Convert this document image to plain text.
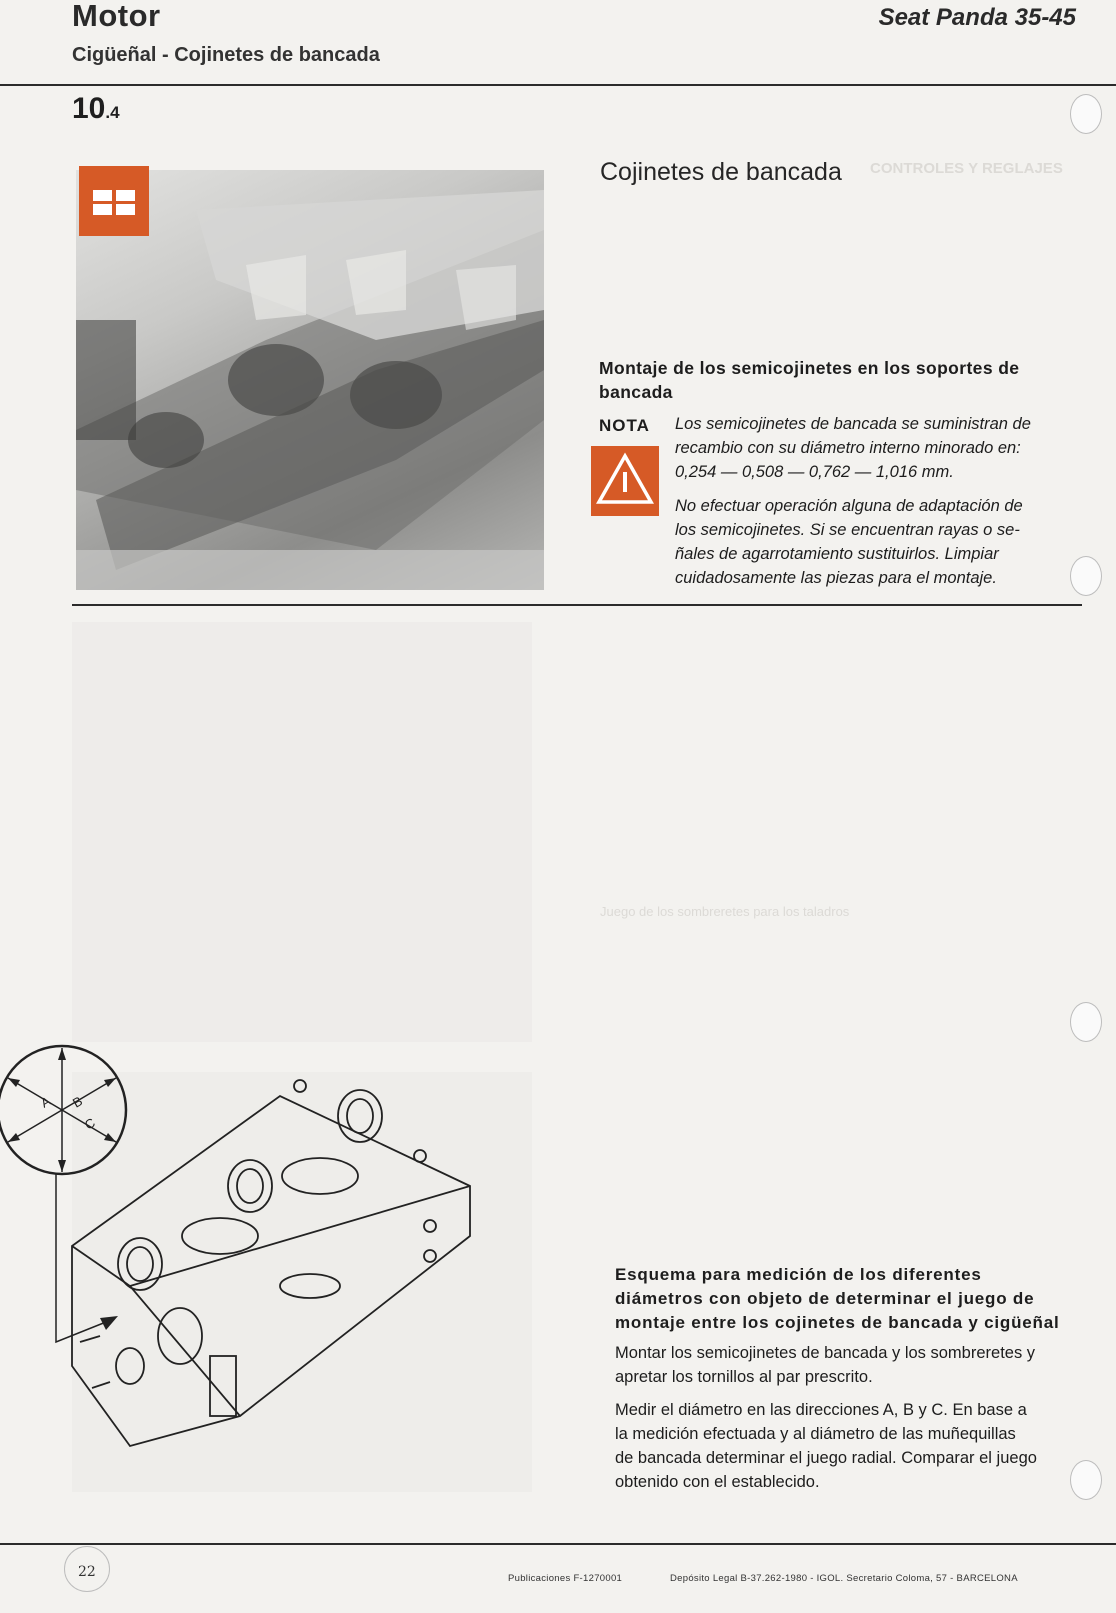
Motor
Cigüeñal - Cojinetes de bancada
Seat Panda 35-45
10.4
CONTROLES Y REGLAJES
Cojinetes de bancada
Montaje de los semicojinetes en los soportes de bancada
NOTA Los semicojinetes de bancada se suministran de
recambio con su diámetro interno minorado en:
0,254 — 0,508 — 0,762 — 1,016 mm.
No efectuar operación alguna de adaptación de
los semicojinetes. Si se encuentran rayas o se-
ñales de agarrotamiento sustituirlos. Limpiar
cuidadosamente las piezas para el montaje.
A B
C
Juego de los sombreretes para los taladros
Esquema para medición de los diferentes
diámetros con objeto de determinar el juego de
montaje entre los cojinetes de bancada y cigüeñal
Montar los semicojinetes de bancada y los sombreretes y
apretar los tornillos al par prescrito.
Medir el diámetro en las direcciones A, B y C. En base a
la medición efectuada y al diámetro de las muñequillas
de bancada determinar el juego radial. Comparar el juego
obtenido con el establecido.
22	Publicaciones F-1270001	Depósito Legal B-37.262-1980 - IGOL. Secretario Coloma, 57 - BARCELONA
